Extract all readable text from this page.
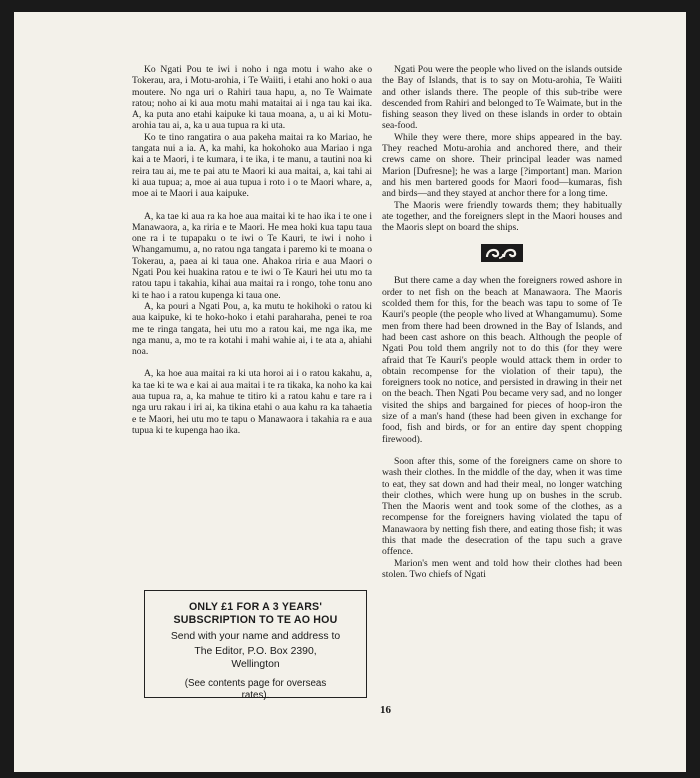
Ko Ngati Pou te iwi i noho i nga motu i waho ake o Tokerau, ara, i Motu-arohia, i Te Waiiti, i etahi ano hoki o aua moutere. No nga uri o Rahiri taua hapu, a, no Te Waimate ratou; noho ai ki aua motu mahi mataitai ai i nga tau kai ika. A, ka puta ano etahi kaipuke ki taua moana, a, u ai ki Motu-arohia tau ai, a, ka u aua tupua ra ki uta.

Ko te tino rangatira o aua pakeha maitai ra ko Mariao, he tangata nui a ia. A, ka mahi, ka hokohoko aua Mariao i nga kai a te Maori, i te kumara, i te ika, i te manu, a tautini noa ki reira tau ai, me te pai atu te Maori ki aua maitai, a, kai tahi ai ki aua tupua; a, moe ai aua tupua i roto i o te Maori whare, a, moe ai te Maori i aua kaipuke.

A, ka tae ki aua ra ka hoe aua maitai ki te hao ika i te one i Manawaora, a, ka riria e te Maori. He mea hoki kua tapu taua one ra i te tupapaku o te iwi o Te Kauri, te iwi i noho i Whangamumu, a, no ratou nga tangata i paremo ki te moana o Tokerau, a, paea ai ki taua one. Ahakoa riria e aua Maori o Ngati Pou kei huakina ratou e te iwi o Te Kauri hei utu mo ta ratou tapu i takahia, kihai aua maitai ra i rongo, tohe tonu ano ki te hao i a ratou kupenga ki taua one.

A, ka pouri a Ngati Pou, a, ka mutu te hokihoki o ratou ki aua kaipuke, ki te hoko-hoko i etahi paraharaha, penei te roa me te ringa tangata, hei utu mo a ratou kai, me nga ika, me nga manu, a, mo te ra kotahi i mahi wahie ai, i te ata a, ahiahi noa.

A, ka hoe aua maitai ra ki uta horoi ai i o ratou kakahu, a, ka tae ki te wa e kai ai aua maitai i te ra tikaka, ka noho ka kai aua tupua ra, a, ka mahue te titiro ki a ratou kahu e tare ra i nga uru rakau i iri ai, ka tikina etahi o aua kahu ra ka tahaetia e te Maori, hei utu mo te tapu o Manawaora i takahia ra e aua tupua ki te kupenga hao ika.

Ngati Pou were the people who lived on the islands outside the Bay of Islands, that is to say on Motu-arohia, Te Waiiti and other islands there. The people of this sub-tribe were descended from Rahiri and belonged to Te Waimate, but in the fishing season they lived on these islands in order to obtain sea-food.

While they were there, more ships appeared in the bay. They reached Motu-arohia and anchored there, and their crews came on shore. Their principal leader was named Marion [Dufresne]; he was a large [?important] man. Marion and his men bartered goods for Maori food—kumaras, fish and birds—and they stayed at anchor there for a long time.

The Maoris were friendly towards them; they habitually ate together, and the foreigners slept in the Maori houses and the Maoris slept on board the ships.

But there came a day when the foreigners rowed ashore in order to net fish on the beach at Manawaora. The Maoris scolded them for this, for the beach was tapu to some of Te Kauri's people (the people who lived at Whangamumu). Some men from there had been drowned in the Bay of Islands, and had been cast ashore on this beach. Although the people of Ngati Pou told them angrily not to do this (for they were afraid that Te Kauri's people would attack them in order to obtain recompense for the violation of their tapu), the foreigners took no notice, and persisted in drawing in their net on the beach. Then Ngati Pou became very sad, and no longer visited the ships and bargained for pieces of hoop-iron the size of a man's hand (these had been given in exchange for food, fish and birds, or for an entire day spent chopping firewood).

Soon after this, some of the foreigners came on shore to wash their clothes. In the middle of the day, when it was time to eat, they sat down and had their meal, no longer watching their clothes, which were hung up on bushes in the scrub. Then the Maoris went and took some of the clothes, as a recompense for the foreigners having violated the tapu of Manawaora by netting fish there, and eating those fish; it was this that made the desecration of the tapu such a grave offence.

Marion's men went and told how their clothes had been stolen. Two chiefs of Ngati

ONLY £1 FOR A 3 YEARS'
SUBSCRIPTION TO TE AO HOU
Send with your name and address to
The Editor, P.O. Box 2390,
Wellington
(See contents page for overseas
rates).
16
